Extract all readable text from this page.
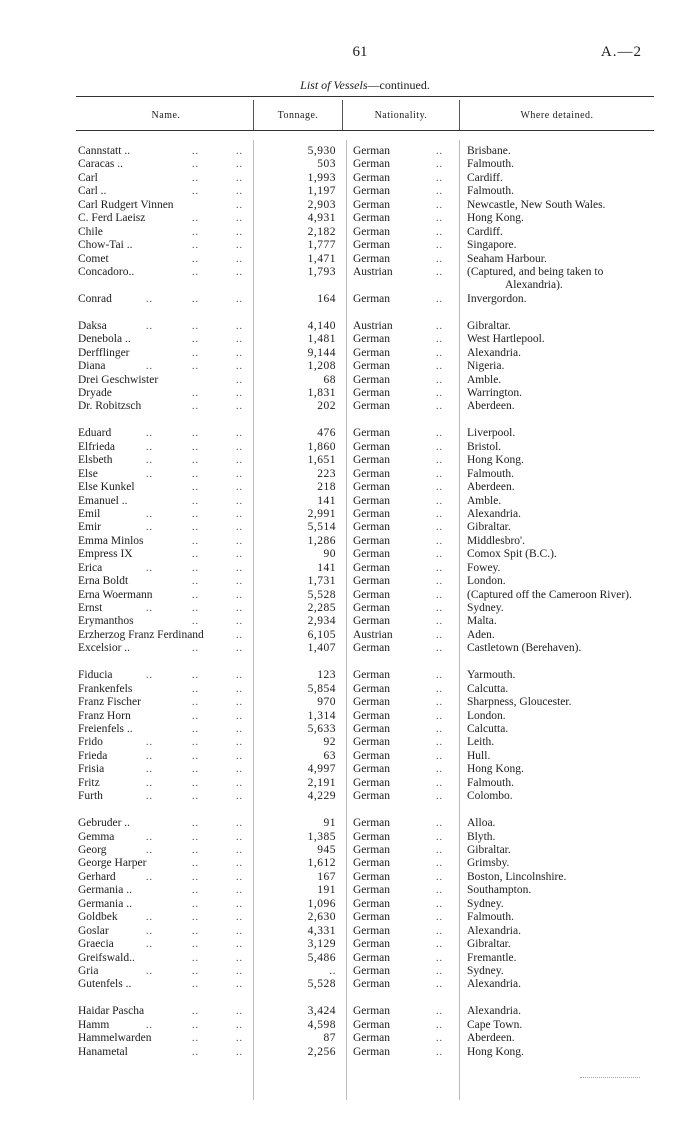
61	A.—2
List of Vessels—continued.
Name.	Tonnage.	Nationality.	Where detained.
Cannstatt ..	..	..	5,930 German	.. Brisbane.
Caracas ..	..	..	503 German	.. Falmouth.
Carl	..	..	1,993 German	.. Cardiff.
Carl ..	..	..	1,197 German	.. Falmouth.
Carl Rudgert Vinnen	..	2,903 German	.. Newcastle, New South Wales.
C. Ferd Laeisz	..	..	4,931 German	.. Hong Kong.
Chile	..	..	2,182 German	.. Cardiff.
Chow-Tai ..	..	..	1,777 German	.. Singapore.
Comet	..	..	1,471 German	.. Seaham Harbour.
Concadoro..	..	..	1,793 Austrian	.. (Captured, and being taken to
Alexandria).
Conrad	..	..	..	164 German	.. Invergordon.
Daksa	..	..	..	4,140 Austrian	.. Gibraltar.
Denebola ..	..	..	1,481 German	.. West Hartlepool.
Derfflinger	..	..	9,144 German	.. Alexandria.
Diana	..	..	..	1,208 German	.. Nigeria.
Drei Geschwister	..	68 German	.. Amble.
Dryade	..	..	1,831 German	.. Warrington.
Dr. Robitzsch	..	..	202 German	.. Aberdeen.
Eduard	..	..	..	476 German	.. Liverpool.
Elfrieda	..	..	..	1,860 German	.. Bristol.
Elsbeth	..	..	..	1,651 German	.. Hong Kong.
Else	..	..	..	223 German	.. Falmouth.
Else Kunkel	..	..	218 German	.. Aberdeen.
Emanuel ..	..	..	141 German	.. Amble.
Emil	..	..	..	2,991 German	.. Alexandria.
Emir	..	..	..	5,514 German	.. Gibraltar.
Emma Minlos	..	..	1,286 German	.. Middlesbro'.
Empress IX	..	..	90 German	.. Comox Spit (B.C.).
Erica	..	..	..	141 German	.. Fowey.
Erna Boldt	..	..	1,731 German	.. London.
Erna Woermann	..	..	5,528 German	.. (Captured off the Cameroon River).
Ernst	..	..	..	2,285 German	.. Sydney.
Erymanthos	..	..	2,934 German	.. Malta.
Erzherzog Franz Ferdinand	..	6,105 Austrian	.. Aden.
Excelsior ..	..	..	1,407 German	.. Castletown (Berehaven).
Fiducia	..	..	..	123 German	.. Yarmouth.
Frankenfels	..	..	5,854 German	.. Calcutta.
Franz Fischer	..	..	970 German	.. Sharpness, Gloucester.
Franz Horn	..	..	1,314 German	.. London.
Freienfels ..	..	..	5,633 German	.. Calcutta.
Frido	..	..	..	92 German	.. Leith.
Frieda	..	..	..	63 German	.. Hull.
Frisia	..	..	..	4,997 German	.. Hong Kong.
Fritz	..	..	..	2,191 German	.. Falmouth.
Furth	..	..	..	4,229 German	.. Colombo.
Gebruder ..	..	..	91 German	.. Alloa.
Gemma	..	..	..	1,385 German	.. Blyth.
Georg	..	..	..	945 German	.. Gibraltar.
George Harper	..	..	1,612 German	.. Grimsby.
Gerhard	..	..	..	167 German	.. Boston, Lincolnshire.
Germania ..	..	..	191 German	.. Southampton.
Germania ..	..	..	1,096 German	.. Sydney.
Goldbek	..	..	..	2,630 German	.. Falmouth.
Goslar	..	..	..	4,331 German	.. Alexandria.
Graecia	..	..	..	3,129 German	.. Gibraltar.
Greifswald..	..	..	5,486 German	.. Fremantle.
Gria	..	..	..	.. German	.. Sydney.
Gutenfels ..	..	..	5,528 German	.. Alexandria.
Haidar Pascha	..	..	3,424 German	.. Alexandria.
Hamm	..	..	..	4,598 German	.. Cape Town.
Hammelwarden	..	..	87 German	.. Aberdeen.
Hanametal	..	..	2,256 German	.. Hong Kong.
